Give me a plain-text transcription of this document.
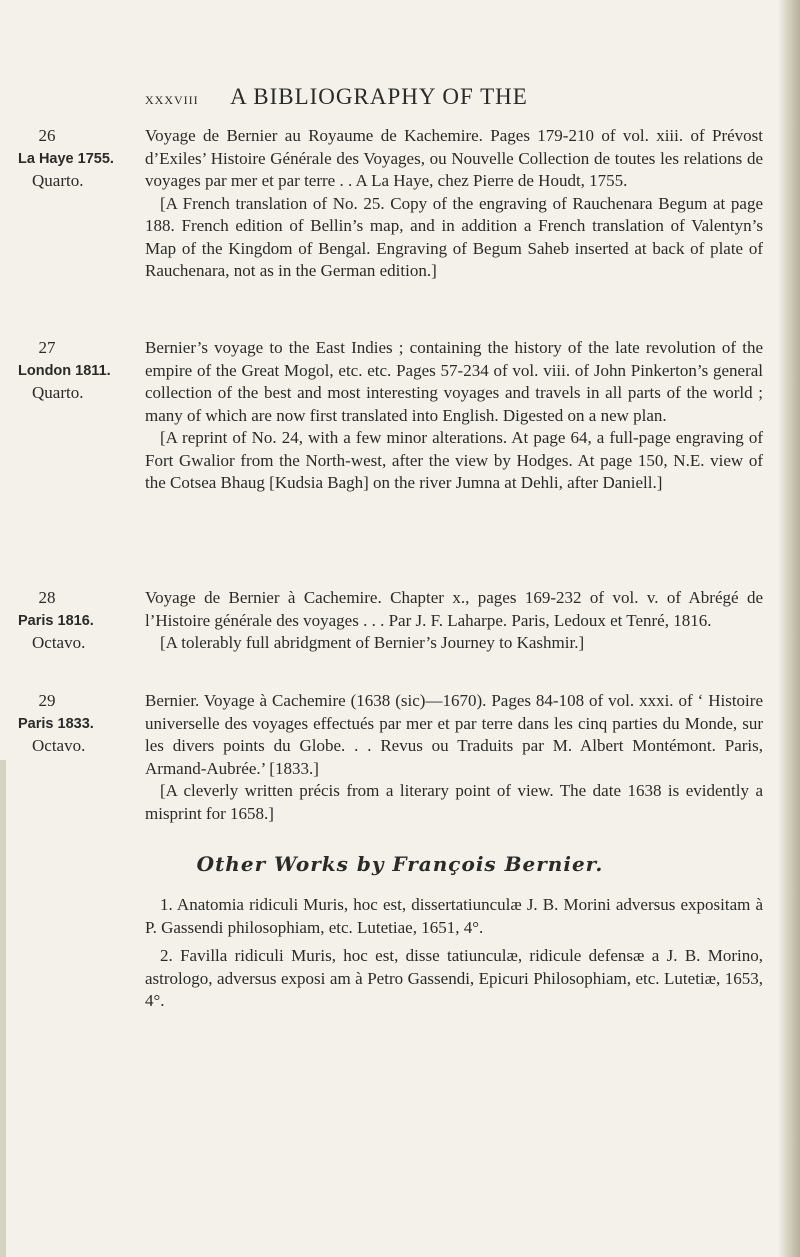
xxxviii A BIBLIOGRAPHY OF THE
26
La Haye 1755.
Quarto.

Voyage de Bernier au Royaume de Kachemire. Pages 179-210 of vol. xiii. of Prévost d’Exiles’ Histoire Générale des Voyages, ou Nouvelle Collection de toutes les relations de voyages par mer et par terre . . A La Haye, chez Pierre de Houdt, 1755.

[A French translation of No. 25. Copy of the engraving of Rauchenara Begum at page 188. French edition of Bellin’s map, and in addition a French translation of Valentyn’s Map of the Kingdom of Bengal. Engraving of Begum Saheb inserted at back of plate of Rauchenara, not as in the German edition.]

27
London 1811.
Quarto.

Bernier’s voyage to the East Indies ; containing the history of the late revolution of the empire of the Great Mogol, etc. etc. Pages 57-234 of vol. viii. of John Pinkerton’s general collection of the best and most interesting voyages and travels in all parts of the world ; many of which are now first translated into English. Digested on a new plan.

[A reprint of No. 24, with a few minor alterations. At page 64, a full-page engraving of Fort Gwalior from the North-west, after the view by Hodges. At page 150, N.E. view of the Cotsea Bhaug [Kudsia Bagh] on the river Jumna at Dehli, after Daniell.]

28
Paris 1816.
Octavo.

Voyage de Bernier à Cachemire. Chapter x., pages 169-232 of vol. v. of Abrégé de l’Histoire générale des voyages . . . Par J. F. Laharpe. Paris, Ledoux et Tenré, 1816.

[A tolerably full abridgment of Bernier’s Journey to Kashmir.]

29
Paris 1833.
Octavo.

Bernier. Voyage à Cachemire (1638 (sic)—1670). Pages 84-108 of vol. xxxi. of ‘ Histoire universelle des voyages effectués par mer et par terre dans les cinq parties du Monde, sur les divers points du Globe. . . Revus ou Traduits par M. Albert Montémont. Paris, Armand-Aubrée.’ [1833.]

[A cleverly written précis from a literary point of view. The date 1638 is evidently a misprint for 1658.]

Other Works by François Bernier.

1. Anatomia ridiculi Muris, hoc est, dissertatiunculæ J. B. Morini adversus expositam à P. Gassendi philosophiam, etc. Lutetiae, 1651, 4°.

2. Favilla ridiculi Muris, hoc est, disse tatiunculæ, ridicule defensæ a J. B. Morino, astrologo, adversus exposi am à Petro Gassendi, Epicuri Philosophiam, etc. Lutetiæ, 1653, 4°.
